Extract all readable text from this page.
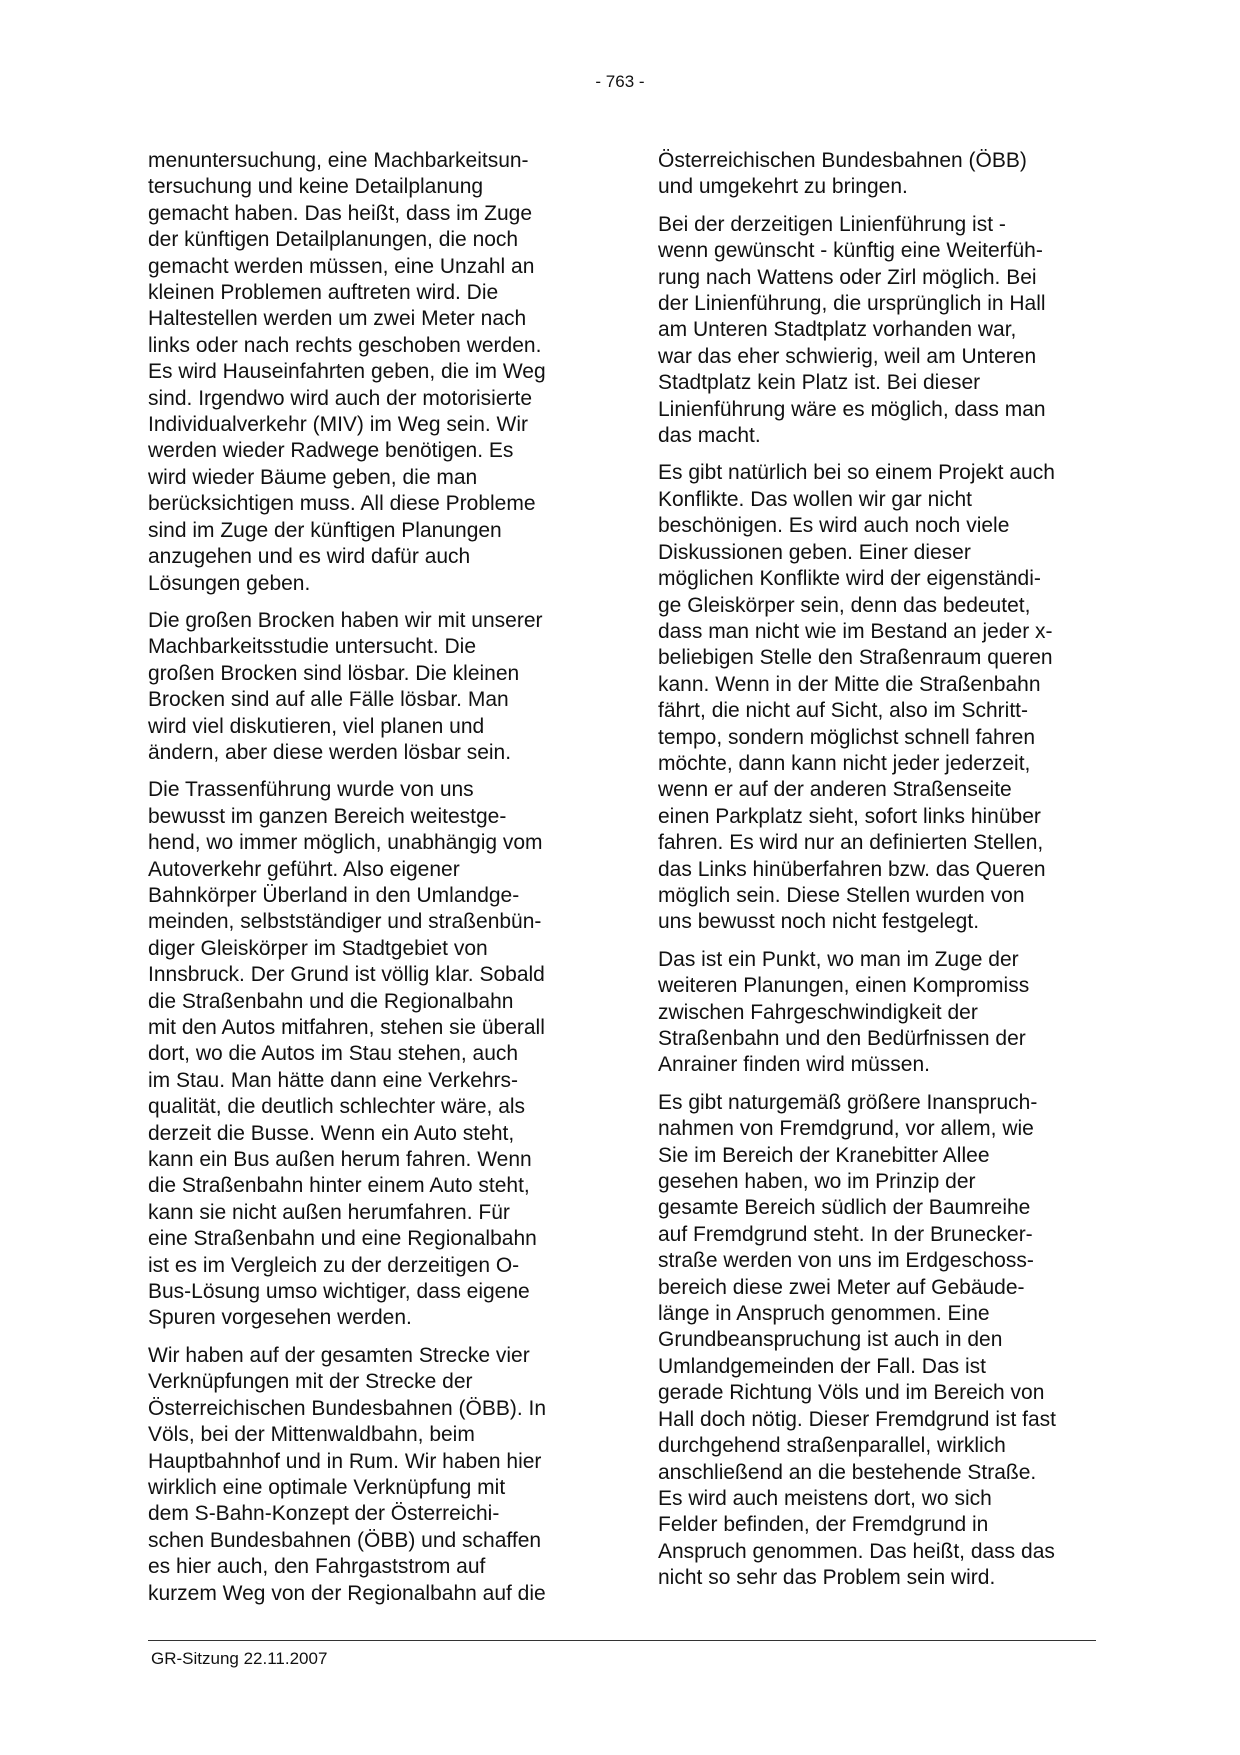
- 763 -

menuntersuchung, eine Machbarkeitsun-
tersuchung und keine Detailplanung
gemacht haben. Das heißt, dass im Zuge
der künftigen Detailplanungen, die noch
gemacht werden müssen, eine Unzahl an
kleinen Problemen auftreten wird. Die
Haltestellen werden um zwei Meter nach
links oder nach rechts geschoben werden.
Es wird Hauseinfahrten geben, die im Weg
sind. Irgendwo wird auch der motorisierte
Individualverkehr (MIV) im Weg sein. Wir
werden wieder Radwege benötigen. Es
wird wieder Bäume geben, die man
berücksichtigen muss. All diese Probleme
sind im Zuge der künftigen Planungen
anzugehen und es wird dafür auch
Lösungen geben.

Die großen Brocken haben wir mit unserer
Machbarkeitsstudie untersucht. Die
großen Brocken sind lösbar. Die kleinen
Brocken sind auf alle Fälle lösbar. Man
wird viel diskutieren, viel planen und
ändern, aber diese werden lösbar sein.

Die Trassenführung wurde von uns
bewusst im ganzen Bereich weitestge-
hend, wo immer möglich, unabhängig vom
Autoverkehr geführt. Also eigener
Bahnkörper Überland in den Umlandge-
meinden, selbstständiger und straßenbün-
diger Gleiskörper im Stadtgebiet von
Innsbruck. Der Grund ist völlig klar. Sobald
die Straßenbahn und die Regionalbahn
mit den Autos mitfahren, stehen sie überall
dort, wo die Autos im Stau stehen, auch
im Stau. Man hätte dann eine Verkehrs-
qualität, die deutlich schlechter wäre, als
derzeit die Busse. Wenn ein Auto steht,
kann ein Bus außen herum fahren. Wenn
die Straßenbahn hinter einem Auto steht,
kann sie nicht außen herumfahren. Für
eine Straßenbahn und eine Regionalbahn
ist es im Vergleich zu der derzeitigen O-
Bus-Lösung umso wichtiger, dass eigene
Spuren vorgesehen werden.

Wir haben auf der gesamten Strecke vier
Verknüpfungen mit der Strecke der
Österreichischen Bundesbahnen (ÖBB). In
Völs, bei der Mittenwaldbahn, beim
Hauptbahnhof und in Rum. Wir haben hier
wirklich eine optimale Verknüpfung mit
dem S-Bahn-Konzept der Österreichi-
schen Bundesbahnen (ÖBB) und schaffen
es hier auch, den Fahrgaststrom auf
kurzem Weg von der Regionalbahn auf die

Österreichischen Bundesbahnen (ÖBB)
und umgekehrt zu bringen.

Bei der derzeitigen Linienführung ist -
wenn gewünscht - künftig eine Weiterfüh-
rung nach Wattens oder Zirl möglich. Bei
der Linienführung, die ursprünglich in Hall
am Unteren Stadtplatz vorhanden war,
war das eher schwierig, weil am Unteren
Stadtplatz kein Platz ist. Bei dieser
Linienführung wäre es möglich, dass man
das macht.

Es gibt natürlich bei so einem Projekt auch
Konflikte. Das wollen wir gar nicht
beschönigen. Es wird auch noch viele
Diskussionen geben. Einer dieser
möglichen Konflikte wird der eigenständi-
ge Gleiskörper sein, denn das bedeutet,
dass man nicht wie im Bestand an jeder x-
beliebigen Stelle den Straßenraum queren
kann. Wenn in der Mitte die Straßenbahn
fährt, die nicht auf Sicht, also im Schritt-
tempo, sondern möglichst schnell fahren
möchte, dann kann nicht jeder jederzeit,
wenn er auf der anderen Straßenseite
einen Parkplatz sieht, sofort links hinüber
fahren. Es wird nur an definierten Stellen,
das Links hinüberfahren bzw. das Queren
möglich sein. Diese Stellen wurden von
uns bewusst noch nicht festgelegt.

Das ist ein Punkt, wo man im Zuge der
weiteren Planungen, einen Kompromiss
zwischen Fahrgeschwindigkeit der
Straßenbahn und den Bedürfnissen der
Anrainer finden wird müssen.

Es gibt naturgemäß größere Inanspruch-
nahmen von Fremdgrund, vor allem, wie
Sie im Bereich der Kranebitter Allee
gesehen haben, wo im Prinzip der
gesamte Bereich südlich der Baumreihe
auf Fremdgrund steht. In der Brunecker-
straße werden von uns im Erdgeschoss-
bereich diese zwei Meter auf Gebäude-
länge in Anspruch genommen. Eine
Grundbeanspruchung ist auch in den
Umlandgemeinden der Fall. Das ist
gerade Richtung Völs und im Bereich von
Hall doch nötig. Dieser Fremdgrund ist fast
durchgehend straßenparallel, wirklich
anschließend an die bestehende Straße.
Es wird auch meistens dort, wo sich
Felder befinden, der Fremdgrund in
Anspruch genommen. Das heißt, dass das
nicht so sehr das Problem sein wird.

GR-Sitzung 22.11.2007
